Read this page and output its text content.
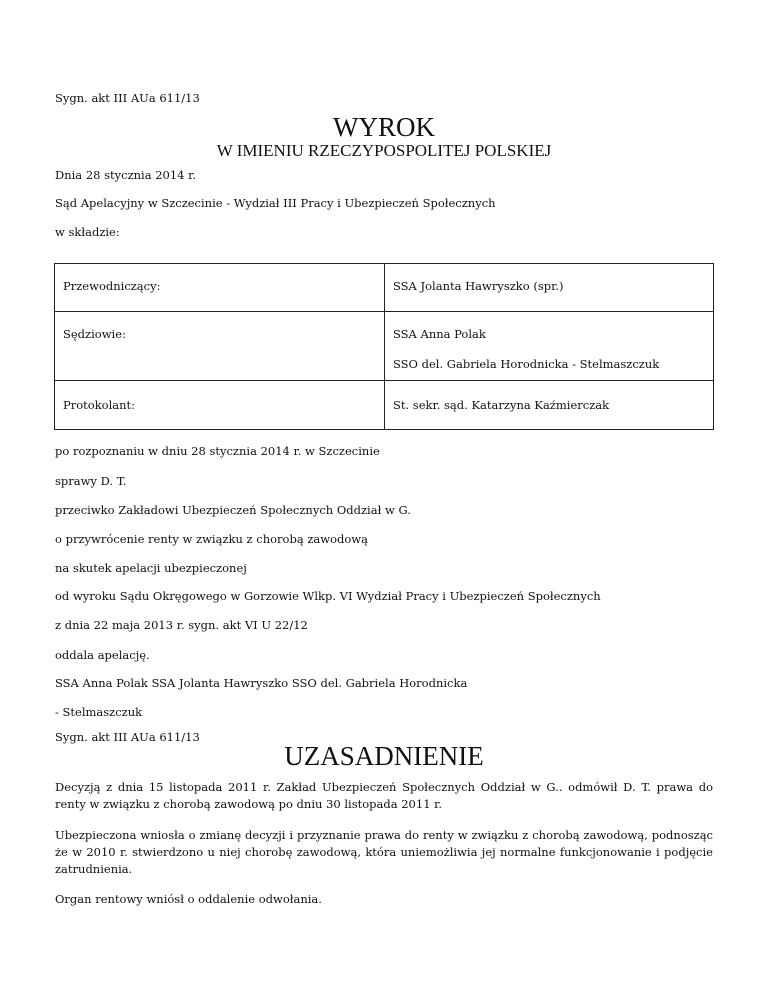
Sygn. akt III AUa 611/13
WYROK
W IMIENIU RZECZYPOSPOLITEJ POLSKIEJ
Dnia 28 stycznia 2014 r.
Sąd Apelacyjny w Szczecinie - Wydział III Pracy i Ubezpieczeń Społecznych
w składzie:
Przewodniczący:	SSA Jolanta Hawryszko (spr.)

Sędziowie:	SSA Anna Polak
SSO del. Gabriela Horodnicka - Stelmaszczuk

Protokolant:	St. sekr. sąd. Katarzyna Kaźmierczak
po rozpoznaniu w dniu 28 stycznia 2014 r. w Szczecinie
sprawy D. T.
przeciwko Zakładowi Ubezpieczeń Społecznych Oddział w G.
o przywrócenie renty w związku z chorobą zawodową
na skutek apelacji ubezpieczonej
od wyroku Sądu Okręgowego w Gorzowie Wlkp. VI Wydział Pracy i Ubezpieczeń Społecznych
z dnia 22 maja 2013 r. sygn. akt VI U 22/12
oddala apelację.
SSA Anna Polak SSA Jolanta Hawryszko SSO del. Gabriela Horodnicka
- Stelmaszczuk
Sygn. akt III AUa 611/13
UZASADNIENIE
Decyzją z dnia 15 listopada 2011 r. Zakład Ubezpieczeń Społecznych Oddział w G.. odmówił D. T. prawa do renty w związku z chorobą zawodową po dniu 30 listopada 2011 r.
Ubezpieczona wniosła o zmianę decyzji i przyznanie prawa do renty w związku z chorobą zawodową, podnosząc że w 2010 r. stwierdzono u niej chorobę zawodową, która uniemożliwia jej normalne funkcjonowanie i podjęcie zatrudnienia.
Organ rentowy wniósł o oddalenie odwołania.
